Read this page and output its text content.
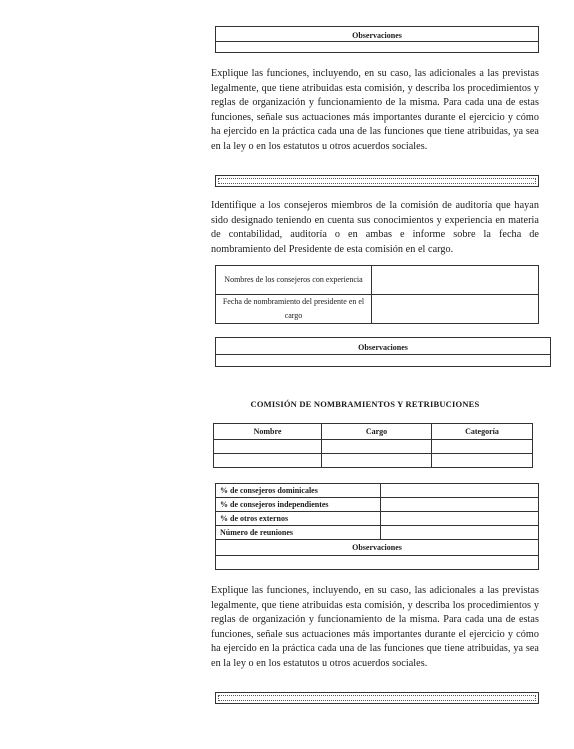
Observaciones
Explique las funciones, incluyendo, en su caso, las adicionales a las previstas legalmente, que tiene atribuidas esta comisión, y describa los procedimientos y reglas de organización y funcionamiento de la misma. Para cada una de estas funciones, señale sus actuaciones más importantes durante el ejercicio y cómo ha ejercido en la práctica cada una de las funciones que tiene atribuidas, ya sea en la ley o en los estatutos u otros acuerdos sociales.
Identifique a los consejeros miembros de la comisión de auditoría que hayan sido designado teniendo en cuenta sus conocimientos y experiencia en materia de contabilidad, auditoría o en ambas e informe sobre la fecha de nombramiento del Presidente de esta comisión en el cargo.
Nombres de los consejeros con experiencia	
Fecha de nombramiento del presidente en el cargo	
Observaciones
COMISIÓN DE NOMBRAMIENTOS Y RETRIBUCIONES
Nombre	Cargo	Categoría

% de consejeros dominicales	
% de consejeros independientes	
% de otros externos	
Número de reuniones	
Observaciones	

Explique las funciones, incluyendo, en su caso, las adicionales a las previstas legalmente, que tiene atribuidas esta comisión, y describa los procedimientos y reglas de organización y funcionamiento de la misma. Para cada una de estas funciones, señale sus actuaciones más importantes durante el ejercicio y cómo ha ejercido en la práctica cada una de las funciones que tiene atribuidas, ya sea en la ley o en los estatutos u otros acuerdos sociales.
